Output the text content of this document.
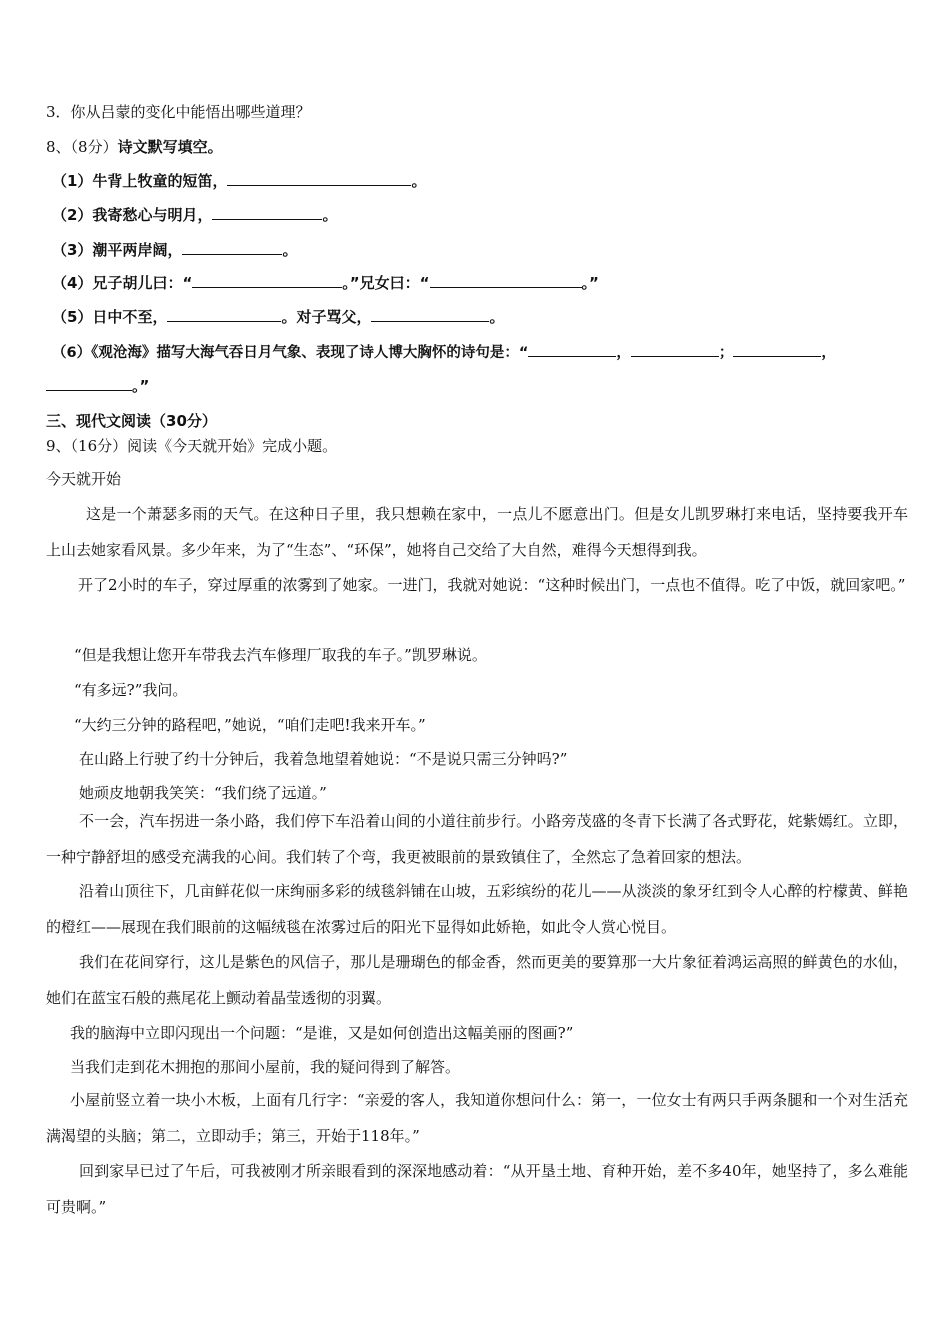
3．你从吕蒙的变化中能悟出哪些道理？
8、（8分）诗文默写填空。
（1）牛背上牧童的短笛，	。
（2）我寄愁心与明月，	。
（3）潮平两岸阔，	。
（4）兄子胡儿曰：“	。”兄女曰：“	。”
（5）日中不至，	。对子骂父，	。
（6）《观沧海》描写大海气吞日月气象、表现了诗人博大胸怀的诗句是：“	，	；	，
。”
三、现代文阅读（30分）
9、（16分）阅读《今天就开始》完成小题。
今天就开始
这是一个萧瑟多雨的天气。在这种日子里，我只想赖在家中，一点儿不愿意出门。但是女儿凯罗琳打来电话，坚持要我开车上山去她家看风景。多少年来，为了“生态”、“环保”，她将自己交给了大自然，难得今天想得到我。
开了2小时的车子，穿过厚重的浓雾到了她家。一进门，我就对她说：“这种时候出门，一点也不值得。吃了中饭，就回家吧。”
“但是我想让您开车带我去汽车修理厂取我的车子。”凯罗琳说。
“有多远?”我问。
“大约三分钟的路程吧，”她说，“咱们走吧!我来开车。”
在山路上行驶了约十分钟后，我着急地望着她说：“不是说只需三分钟吗?”
她顽皮地朝我笑笑：“我们绕了远道。”
不一会，汽车拐进一条小路，我们停下车沿着山间的小道往前步行。小路旁茂盛的冬青下长满了各式野花，姹紫嫣红。立即，一种宁静舒坦的感受充满我的心间。我们转了个弯，我更被眼前的景致镇住了，全然忘了急着回家的想法。
沿着山顶往下，几亩鲜花似一床绚丽多彩的绒毯斜铺在山坡，五彩缤纷的花儿——从淡淡的象牙红到令人心醉的柠檬黄、鲜艳的橙红——展现在我们眼前的这幅绒毯在浓雾过后的阳光下显得如此娇艳，如此令人赏心悦目。
我们在花间穿行，这儿是紫色的风信子，那儿是珊瑚色的郁金香，然而更美的要算那一大片象征着鸿运高照的鲜黄色的水仙，她们在蓝宝石般的燕尾花上颤动着晶莹透彻的羽翼。
我的脑海中立即闪现出一个问题：“是谁，又是如何创造出这幅美丽的图画?”
当我们走到花木拥抱的那间小屋前，我的疑问得到了解答。
小屋前竖立着一块小木板，上面有几行字：“亲爱的客人，我知道你想问什么：第一，一位女士有两只手两条腿和一个对生活充满渴望的头脑；第二，立即动手；第三，开始于118年。”
回到家早已过了午后，可我被刚才所亲眼看到的深深地感动着：“从开垦土地、育种开始，差不多40年，她坚持了，多么难能可贵啊。”
